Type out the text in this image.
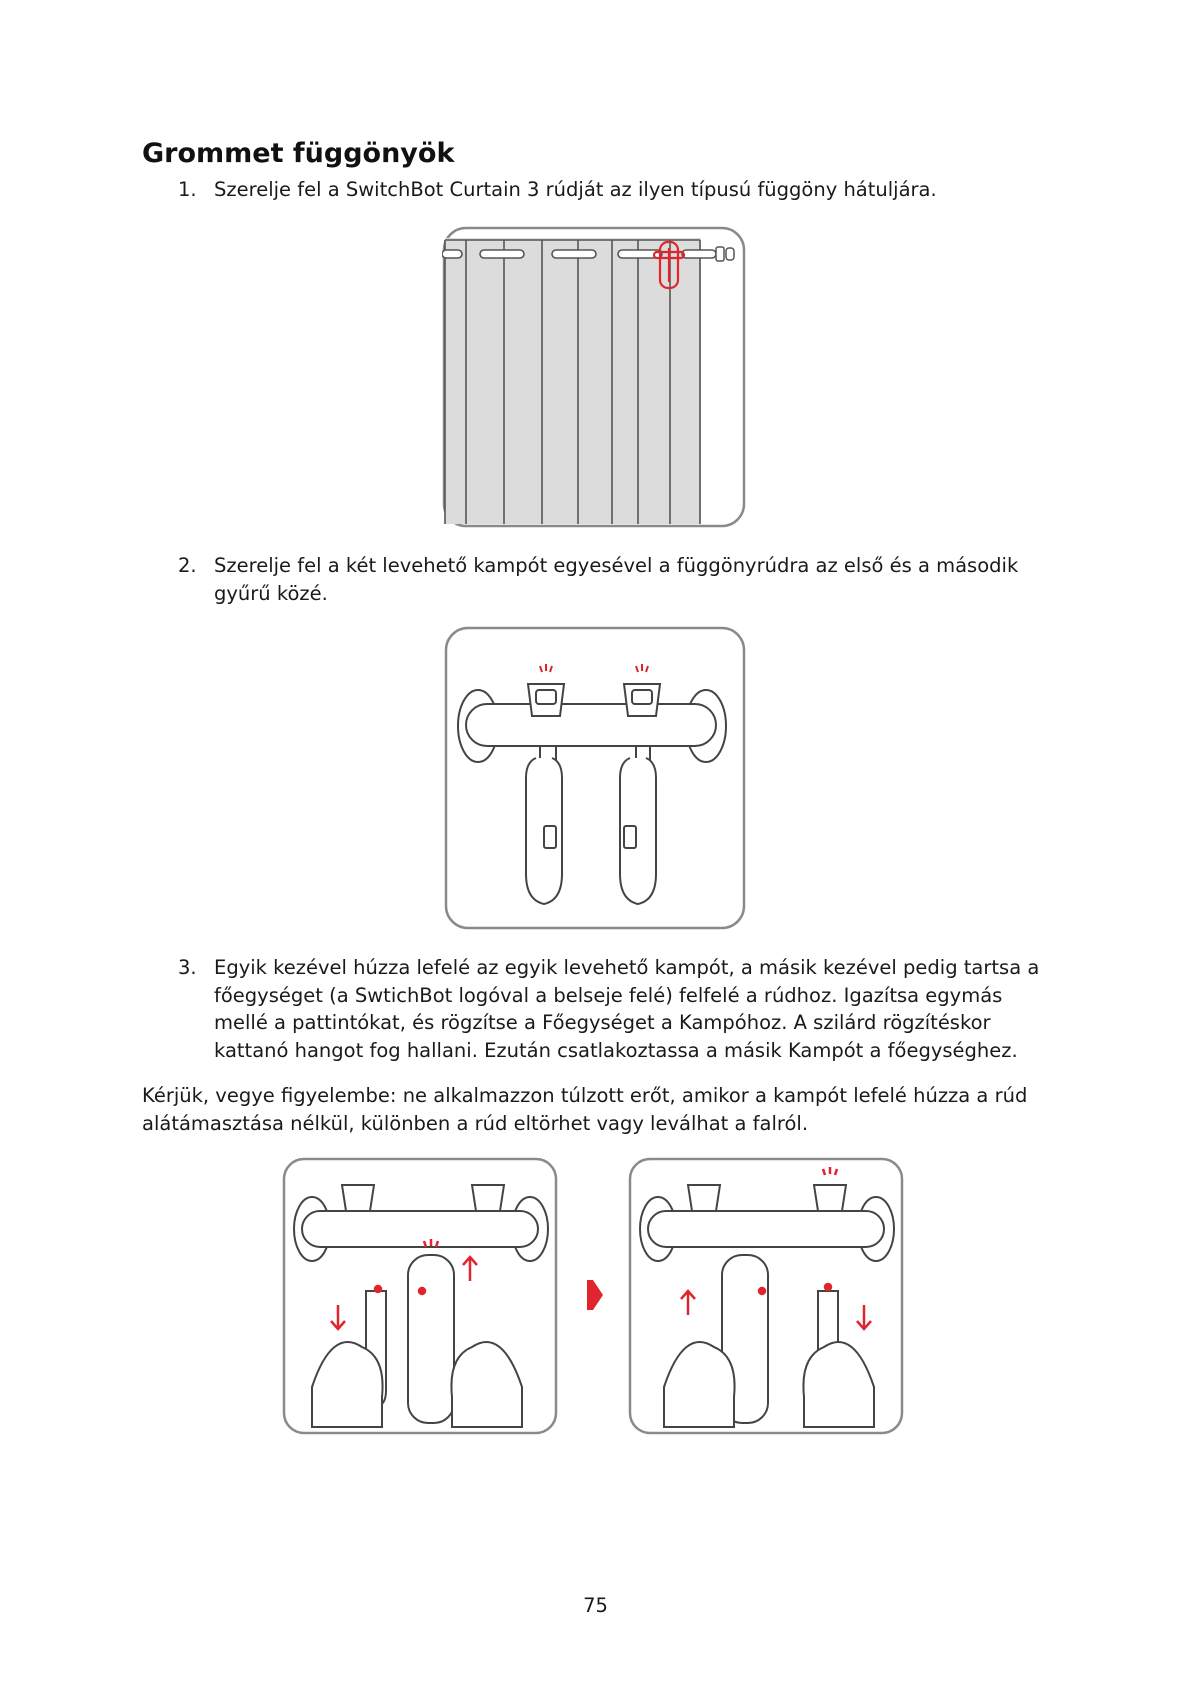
Grommet függönyök
1. Szerelje fel a SwitchBot Curtain 3 rúdját az ilyen típusú függöny hátuljára.
2. Szerelje fel a két levehető kampót egyesével a függönyrúdra az első és a második gyűrű közé.
3. Egyik kezével húzza lefelé az egyik levehető kampót, a másik kezével pedig tartsa a főegységet (a SwtichBot logóval a belseje felé) felfelé a rúdhoz. Igazítsa egymás mellé a pattintókat, és rögzítse a Főegységet a Kampóhoz. A szilárd rögzítéskor kattanó hangot fog hallani. Ezután csatlakoztassa a másik Kampót a főegységhez.

Kérjük, vegye figyelembe: ne alkalmazzon túlzott erőt, amikor a kampót lefelé húzza a rúd alátámasztása nélkül, különben a rúd eltörhet vagy leválhat a falról.

75
